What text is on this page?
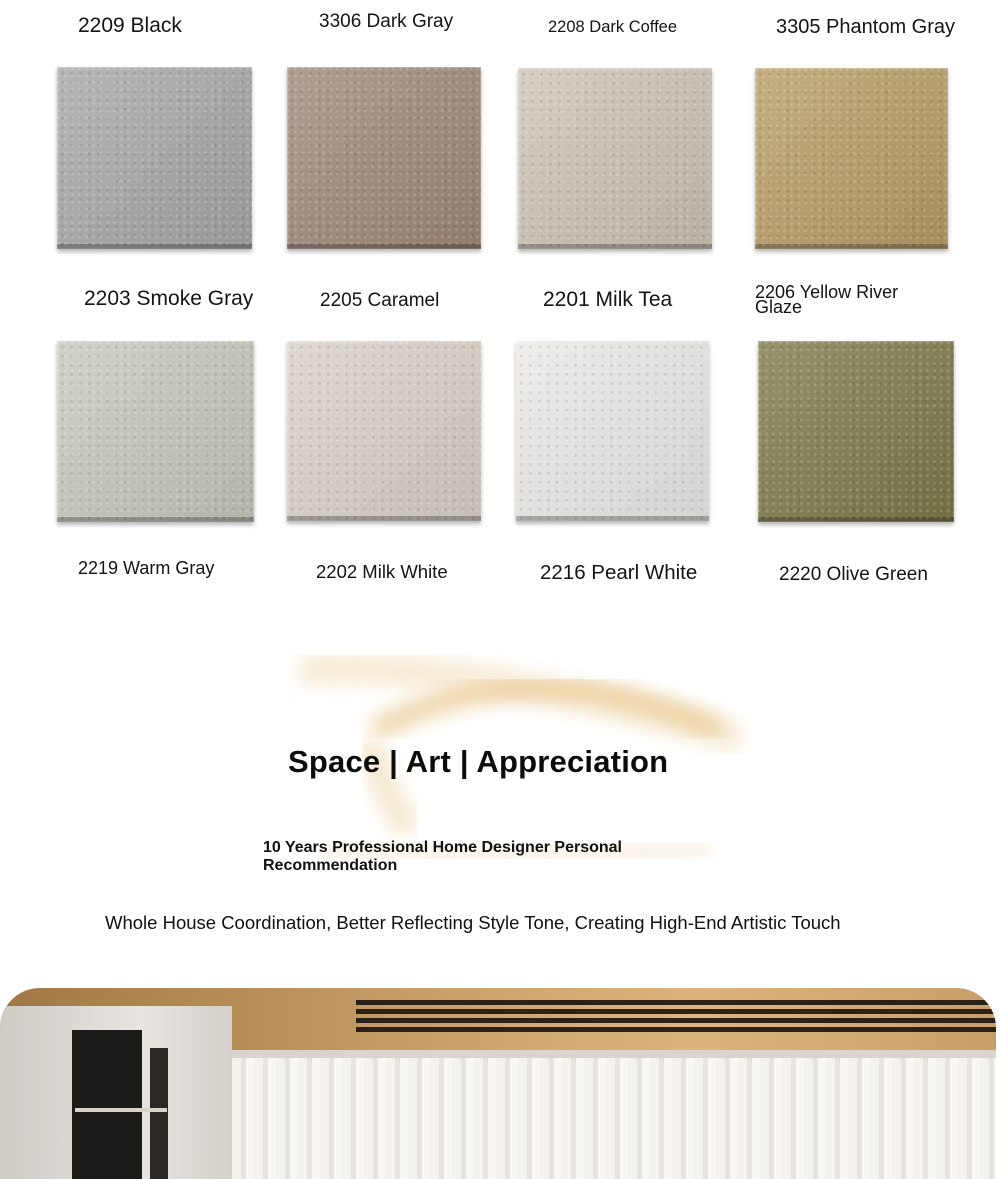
2209 Black	3306 Dark Gray	2208 Dark Coffee	3305 Phantom Gray
2203 Smoke Gray	2205 Caramel	2201 Milk Tea	2206 Yellow River Glaze
2219 Warm Gray	2202 Milk White	2216 Pearl White	2220 Olive Green
Space | Art | Appreciation
10 Years Professional Home Designer Personal Recommendation
Whole House Coordination, Better Reflecting Style Tone, Creating High-End Artistic Touch
